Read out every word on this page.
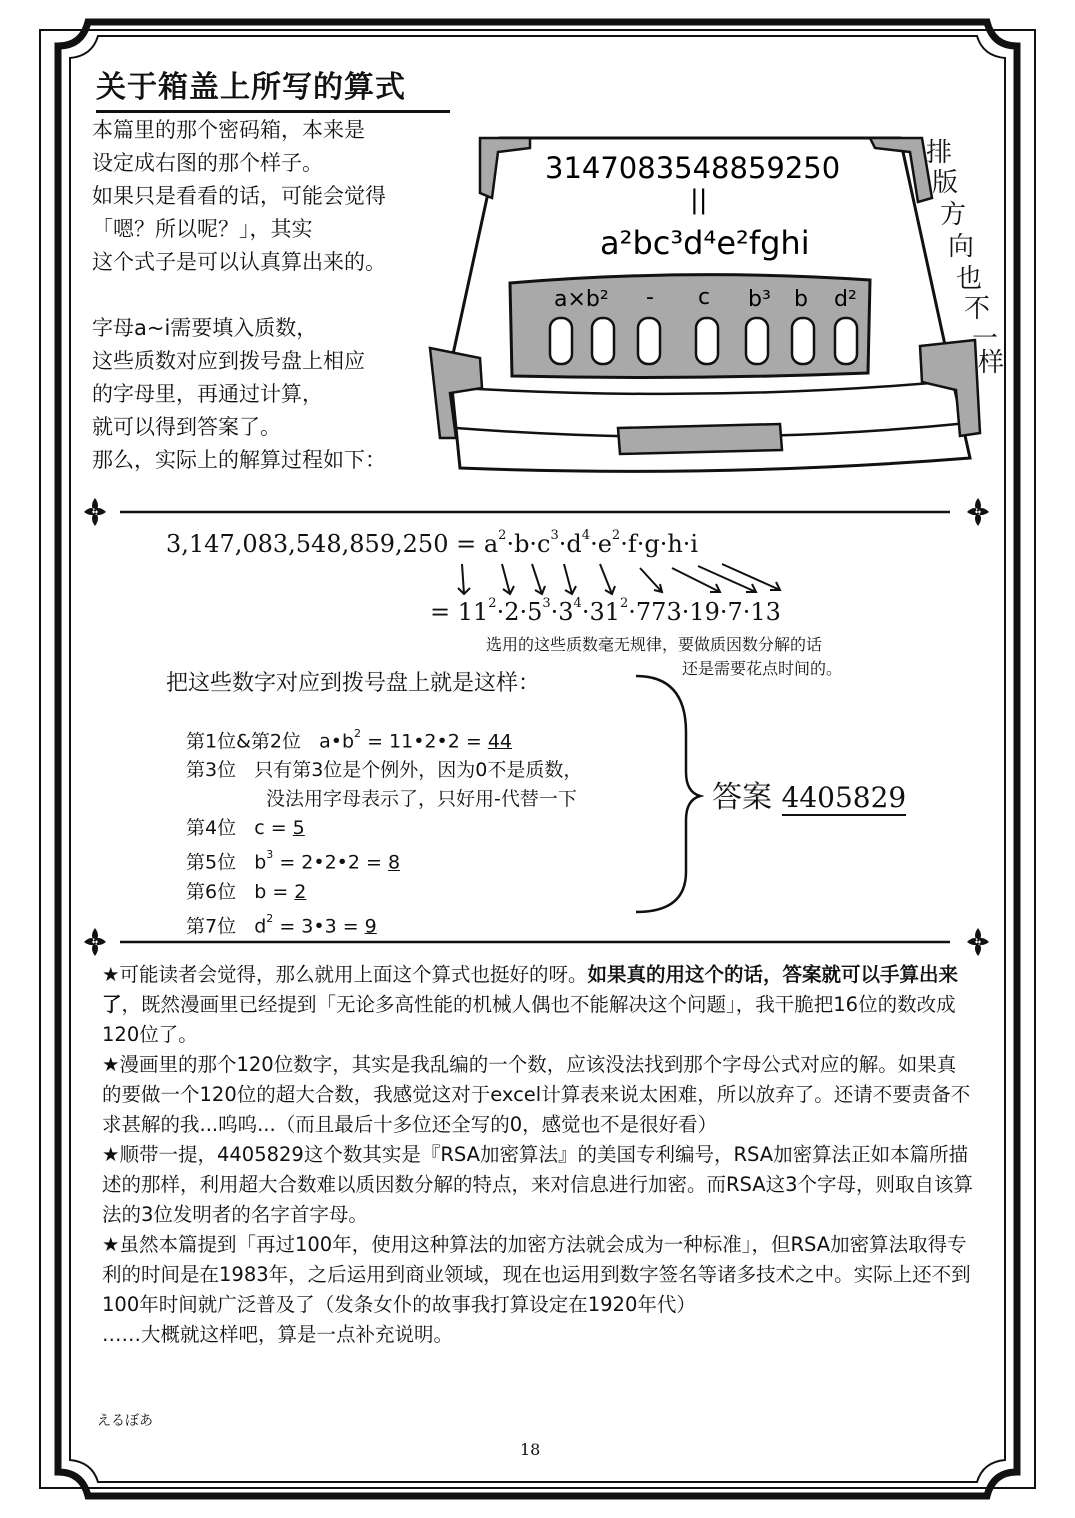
关于箱盖上所写的算式

本篇里的那个密码箱，本来是

设定成右图的那个样子。

如果只是看看的话，可能会觉得

「嗯？所以呢？」，其实

这个式子是可以认真算出来的。

字母a~i需要填入质数，

这些质数对应到拨号盘上相应

的字母里，再通过计算，

就可以得到答案了。

那么，实际上的解算过程如下：

3147083548859250
||
a²bc³d⁴e²fghi
a×b² - c b³ b d²
排
版
方
向
也
不
一
样
$3,147,083,548,859,250 = a^2\cdot b\cdot c^3\cdot d^4\cdot e^2\cdot f\cdot g\cdot h\cdot i$
= $11^2\cdot 2\cdot 5^3\cdot 3^4\cdot 31^2\cdot 773\cdot 19\cdot 7\cdot 13$
选用的这些质数毫无规律，要做质因数分解的话
还是需要花点时间的。
把这些数字对应到拨号盘上就是这样：
第1位&第2位 $a•b^2$ = 11•2•2 = 44
第3位 只有第3位是个例外，因为0不是质数，
没法用字母表示了，只好用-代替一下
第4位 c = 5
第5位 $b^3$ = 2•2•2 = 8
第6位 b = 2
第7位 $d^2$ = 3•3 = 9
答案 4405829

★可能读者会觉得，那么就用上面这个算式也挺好的呀。如果真的用这个的话，答案就可以手算出来了，既然漫画里已经提到「无论多高性能的机械人偶也不能解决这个问题」，我干脆把16位的数改成120位了。

★漫画里的那个120位数字，其实是我乱编的一个数，应该没法找到那个字母公式对应的解。如果真的要做一个120位的超大合数，我感觉这对于excel计算表来说太困难，所以放弃了。还请不要责备不求甚解的我...呜呜...（而且最后十多位还全写的0，感觉也不是很好看）

★顺带一提，4405829这个数其实是『RSA加密算法』的美国专利编号，RSA加密算法正如本篇所描述的那样，利用超大合数难以质因数分解的特点，来对信息进行加密。而RSA这3个字母，则取自该算法的3位发明者的名字首字母。

★虽然本篇提到「再过100年，使用这种算法的加密方法就会成为一种标准」，但RSA加密算法取得专利的时间是在1983年，之后运用到商业领域，现在也运用到数字签名等诸多技术之中。实际上还不到100年时间就广泛普及了（发条女仆的故事我打算设定在1920年代）

……大概就这样吧，算是一点补充说明。

えるぼあ
18
